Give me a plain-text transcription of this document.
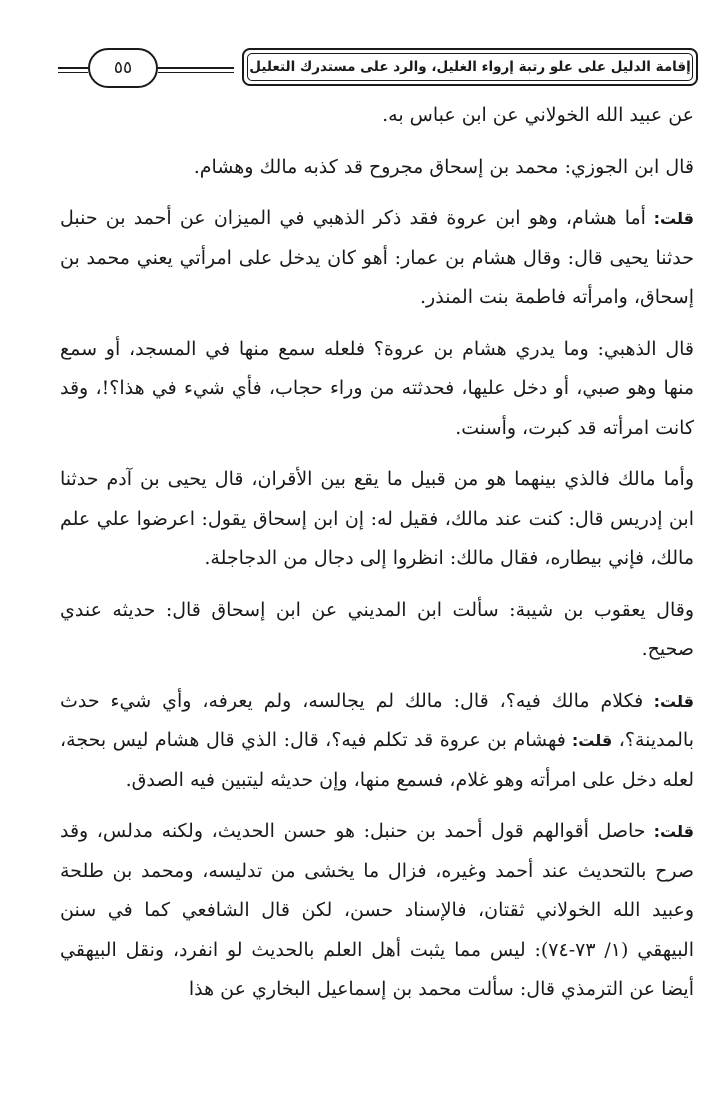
٥٥	إقامة الدليل على علو رتبة إرواء الغليل، والرد على مستدرك التعليل

عن عبيد الله الخولاني عن ابن عباس به.

قال ابن الجوزي: محمد بن إسحاق مجروح قد كذبه مالك وهشام.

قلت: أما هشام، وهو ابن عروة فقد ذكر الذهبي في الميزان عن أحمد بن حنبل حدثنا يحيى قال: وقال هشام بن عمار: أهو كان يدخل على امرأتي يعني محمد بن إسحاق، وامرأته فاطمة بنت المنذر.

قال الذهبي: وما يدري هشام بن عروة؟ فلعله سمع منها في المسجد، أو سمع منها وهو صبي، أو دخل عليها، فحدثته من وراء حجاب، فأي شيء في هذا؟!، وقد كانت امرأته قد كبرت، وأسنت.

وأما مالك فالذي بينهما هو من قبيل ما يقع بين الأقران، قال يحيى بن آدم حدثنا ابن إدريس قال: كنت عند مالك، فقيل له: إن ابن إسحاق يقول: اعرضوا علي علم مالك، فإني بيطاره، فقال مالك: انظروا إلى دجال من الدجاجلة.

وقال يعقوب بن شيبة: سألت ابن المديني عن ابن إسحاق قال: حديثه عندي صحيح.

قلت: فكلام مالك فيه؟، قال: مالك لم يجالسه، ولم يعرفه، وأي شيء حدث بالمدينة؟، قلت: فهشام بن عروة قد تكلم فيه؟، قال: الذي قال هشام ليس بحجة، لعله دخل على امرأته وهو غلام، فسمع منها، وإن حديثه ليتبين فيه الصدق.

قلت: حاصل أقوالهم قول أحمد بن حنبل: هو حسن الحديث، ولكنه مدلس، وقد صرح بالتحديث عند أحمد وغيره، فزال ما يخشى من تدليسه، ومحمد بن طلحة وعبيد الله الخولاني ثقتان، فالإسناد حسن، لكن قال الشافعي كما في سنن البيهقي (١/ ٧٣-٧٤): ليس مما يثبت أهل العلم بالحديث لو انفرد، ونقل البيهقي أيضا عن الترمذي قال: سألت محمد بن إسماعيل البخاري عن هذا
